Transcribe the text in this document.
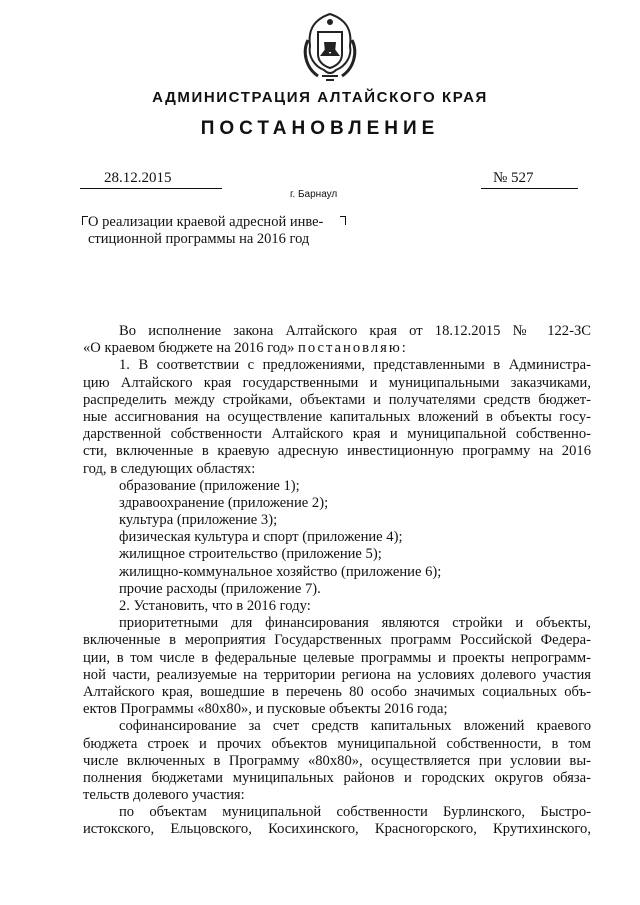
АДМИНИСТРАЦИЯ АЛТАЙСКОГО КРАЯ
ПОСТАНОВЛЕНИЕ
28.12.2015	№ 527
г. Барнаул

О реализации краевой адресной инве-

стиционной программы на 2016 год

Во исполнение закона Алтайского края от 18.12.2015 № 122-ЗС
«О краевом бюджете на 2016 год» постановляю:
1. В соответствии с предложениями, представленными в Администра-
цию Алтайского края государственными и муниципальными заказчиками,
распределить между стройками, объектами и получателями средств бюджет-
ные ассигнования на осуществление капитальных вложений в объекты госу-
дарственной собственности Алтайского края и муниципальной собственно-
сти, включенные в краевую адресную инвестиционную программу на 2016
год, в следующих областях:
образование (приложение 1);
здравоохранение (приложение 2);
культура (приложение 3);
физическая культура и спорт (приложение 4);
жилищное строительство (приложение 5);
жилищно-коммунальное хозяйство (приложение 6);
прочие расходы (приложение 7).
2. Установить, что в 2016 году:
приоритетными для финансирования являются стройки и объекты,
включенные в мероприятия Государственных программ Российской Федера-
ции, в том числе в федеральные целевые программы и проекты непрограмм-
ной части, реализуемые на территории региона на условиях долевого участия
Алтайского края, вошедшие в перечень 80 особо значимых социальных объ-
ектов Программы «80х80», и пусковые объекты 2016 года;
софинансирование за счет средств капитальных вложений краевого
бюджета строек и прочих объектов муниципальной собственности, в том
числе включенных в Программу «80х80», осуществляется при условии вы-
полнения бюджетами муниципальных районов и городских округов обяза-
тельств долевого участия:
по объектам муниципальной собственности Бурлинского, Быстро-
истокского, Ельцовского, Косихинского, Красногорского, Крутихинского,
